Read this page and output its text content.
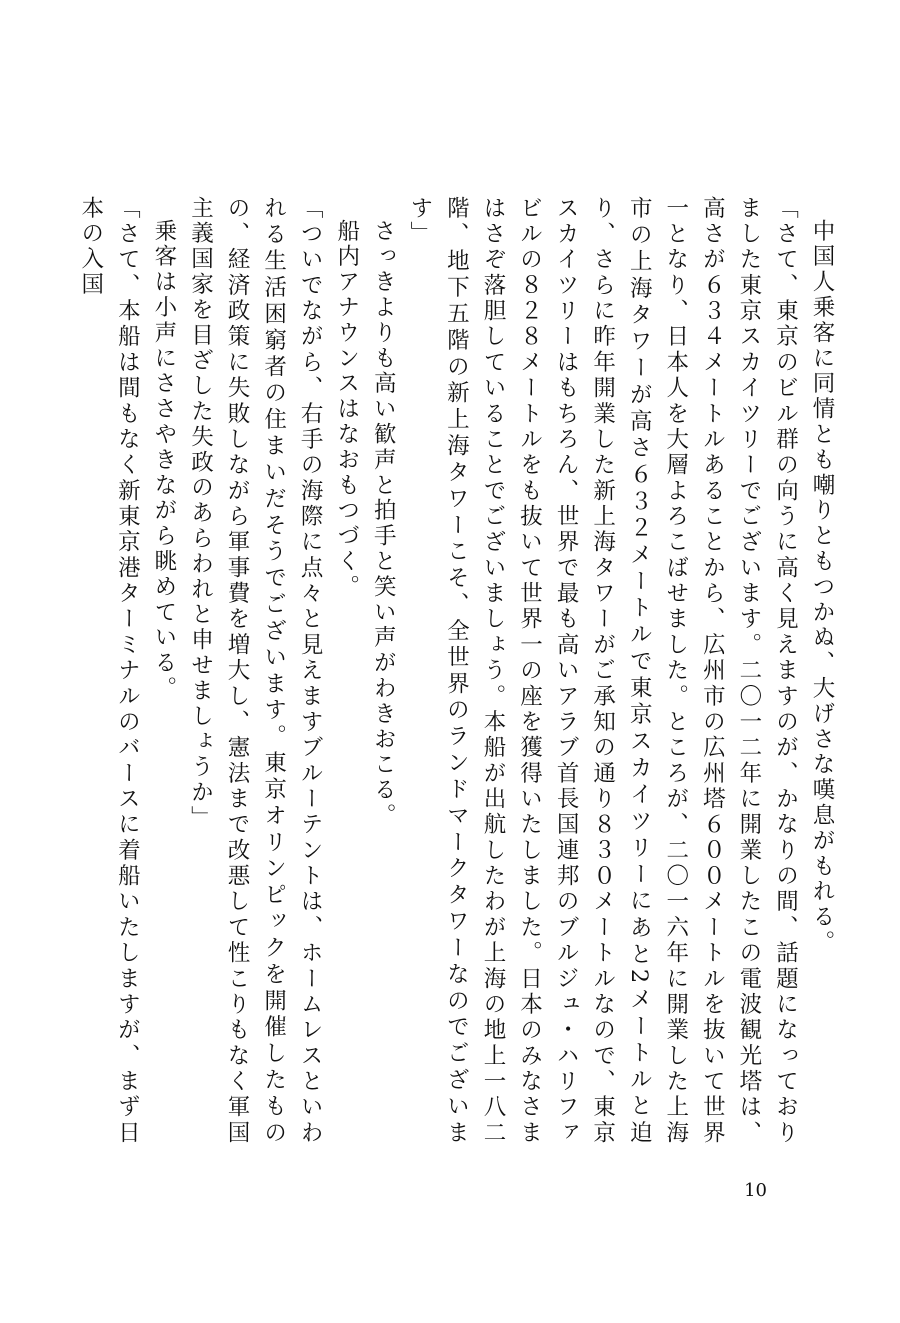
中国人乗客に同情とも嘲りともつかぬ、大げさな嘆息がもれる。

「さて、東京のビル群の向うに高く見えますのが、かなりの間、話題になっておりました東京スカイツリーでございます。二〇一二年に開業したこの電波観光塔は、高さが６３４メートルあることから、広州市の広州塔６００メートルを抜いて世界一となり、日本人を大層よろこばせました。ところが、二〇一六年に開業した上海市の上海タワーが高さ６３２メートルで東京スカイツリーにあと2メートルと迫り、さらに昨年開業した新上海タワーがご承知の通り８３０メートルなので、東京スカイツリーはもちろん、世界で最も高いアラブ首長国連邦のブルジュ・ハリファビルの８２８メートルをも抜いて世界一の座を獲得いたしました。日本のみなさまはさぞ落胆していることでございましょう。本船が出航したわが上海の地上一八二階、地下五階の新上海タワーこそ、全世界のランドマークタワーなのでございます」

さっきよりも高い歓声と拍手と笑い声がわきおこる。

船内アナウンスはなおもつづく。

「ついでながら、右手の海際に点々と見えますブルーテントは、ホームレスといわれる生活困窮者の住まいだそうでございます。東京オリンピックを開催したものの、経済政策に失敗しながら軍事費を増大し、憲法まで改悪して性こりもなく軍国主義国家を目ざした失政のあらわれと申せましょうか」

乗客は小声にささやきながら眺めている。

「さて、本船は間もなく新東京港ターミナルのバースに着船いたしますが、まず日本の入国

10
